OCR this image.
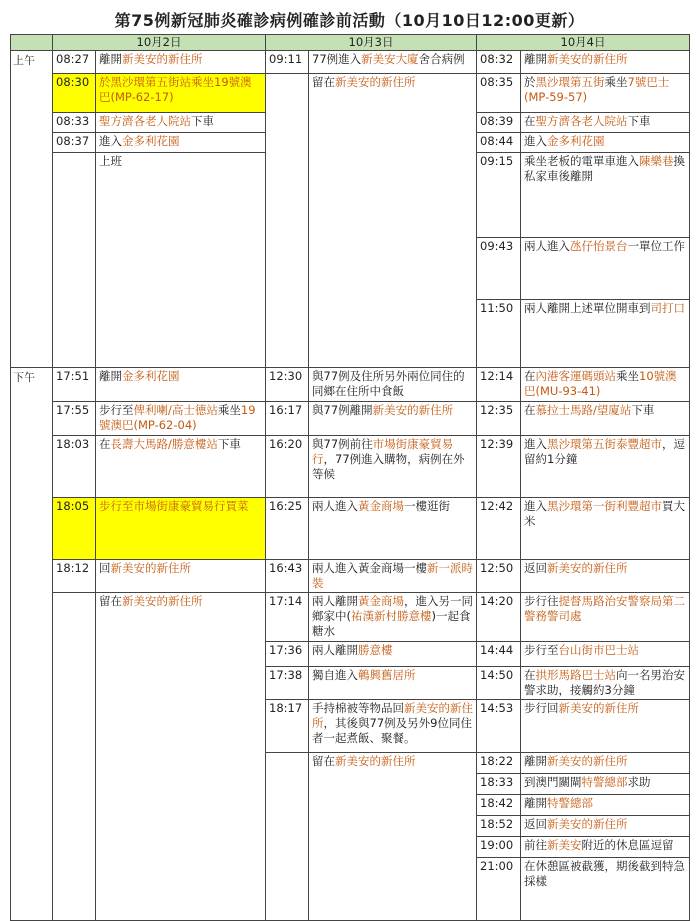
第75例新冠肺炎確診病例確診前活動（10月10日12:00更新）
	10月2日		10月3日		10月4日	
上午	08:27	離開新美安的新住所	09:11	77例進入新美安大廈舍合病例	08:32	離開新美安的新住所
	08:30	於黑沙環第五街站乘坐19號澳巴(MP-62-17)		留在新美安的新住所	08:35	於黑沙環第五街乘坐7號巴士(MP-59-57)
	08:33	聖方濟各老人院站下車			08:39	在聖方濟各老人院站下車
	08:37	進入金多利花園			08:44	進入金多利花園
		上班			09:15	乘坐老板的電單車進入陳樂巷換私家車後離開

					09:43	兩人進入氹仔怡景台一單位工作

					11:50	兩人離開上述單位開車到司打口

下午	17:51	離開金多利花園	12:30	與77例及住所另外兩位同住的同鄉在住所中食飯	12:14	在內港客運碼頭站乘坐10號澳巴(MU-93-41)
	17:55	步行至俾利喇/高士德站乘坐19號澳巴(MP-62-04)	16:17	與77例離開新美安的新住所	12:35	在慕拉士馬路/望廈站下車
	18:03	在長壽大馬路/勝意樓站下車	16:20	與77例前往市場街康豪貿易行，77例進入購物，病例在外等候	12:39	進入黑沙環第五街泰豐超市，逗留約1分鐘

	18:05	步行至市場街康豪貿易行買菜	16:25	兩人進入黃金商場一樓逛街	12:42	進入黑沙環第一街利豐超市買大米

	18:12	回新美安的新住所	16:43	兩人進入黃金商場一樓新一派時裝	12:50	返回新美安的新住所
		留在新美安的新住所	17:14	兩人離開黃金商場，進入另一同鄉家中(祐漢新村勝意樓)一起食糖水	14:20	步行往提督馬路治安警察局第二警務警司處

			17:36	兩人離開勝意樓	14:44	步行至台山街市巴士站
			17:38	獨自進入鵪興舊居所	14:50	在拱形馬路巴士站向一名男治安警求助，接觸約3分鐘
			18:17	手持棉被等物品回新美安的新住所，其後與77例及另外9位同住者一起煮飯、聚餐。	14:53	步行回新美安的新住所
				留在新美安的新住所	18:22	離開新美安的新住所
					18:33	到澳門關閘特警總部求助
					18:42	離開特警總部
					18:52	返回新美安的新住所
					19:00	前往新美安附近的休息區逗留
					21:00	在休憩區被截獲，期後截到特急採樣
